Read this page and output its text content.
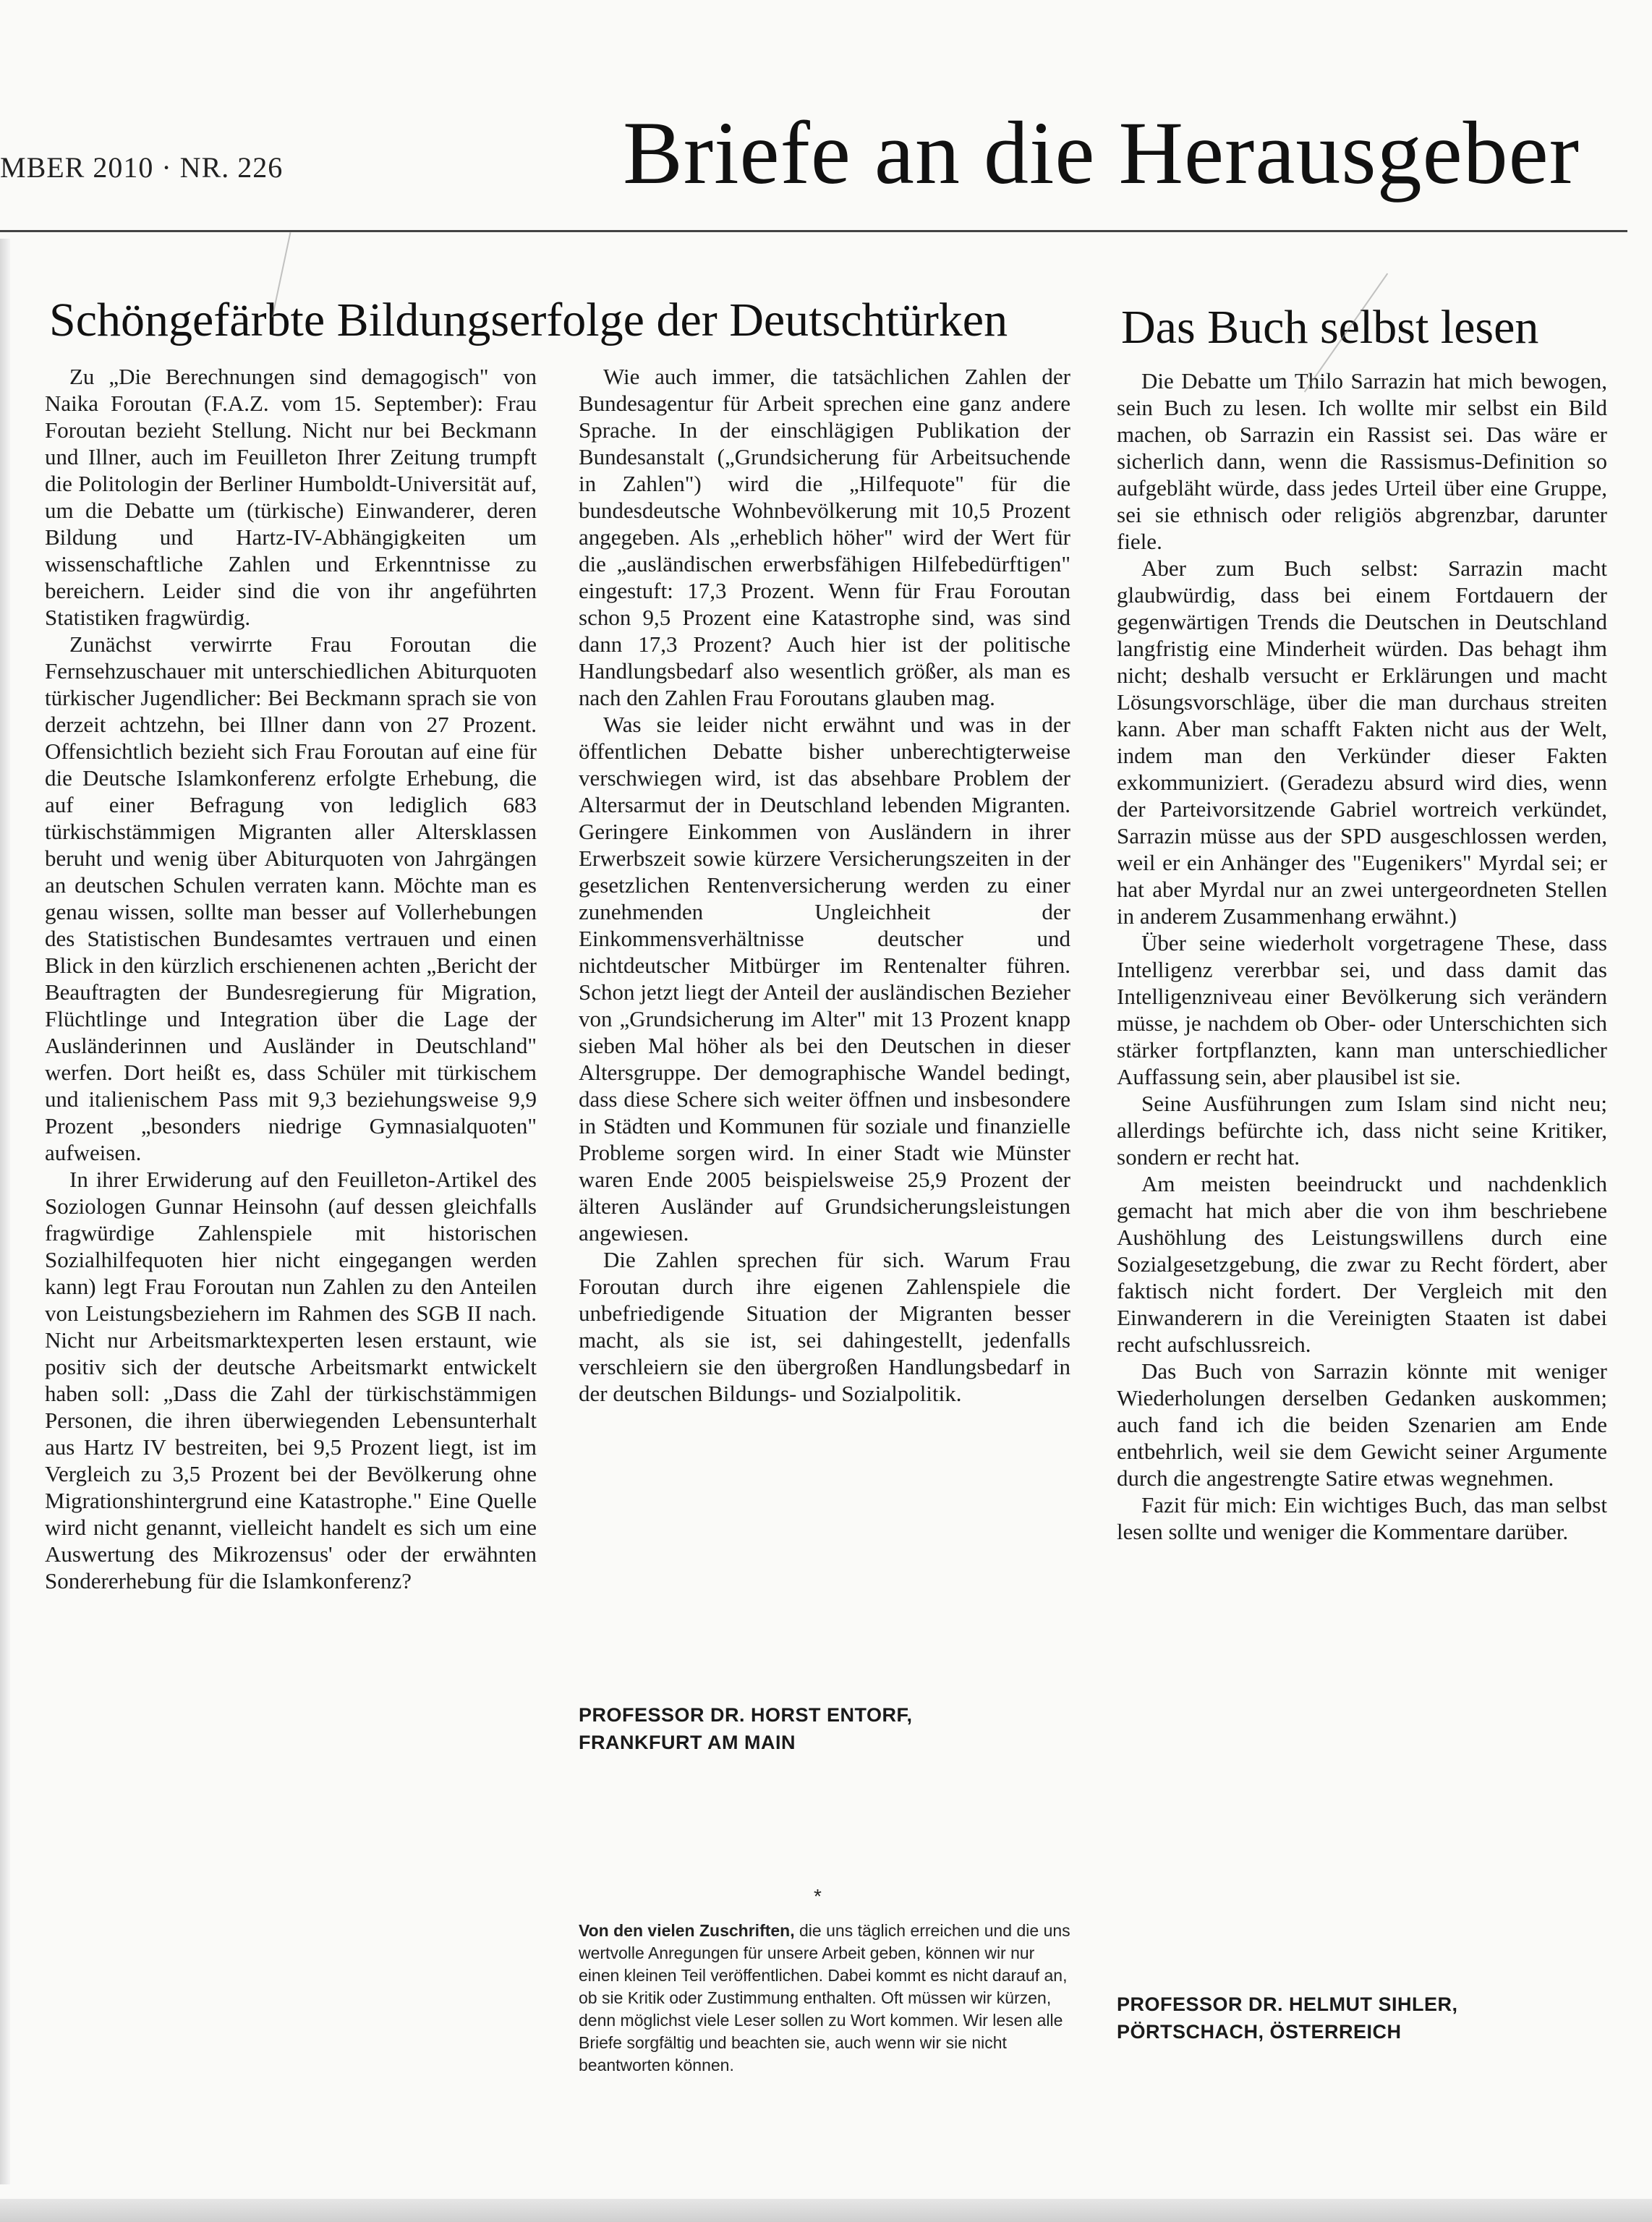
MBER 2010 · NR. 226	Briefe an die Herausgeber
Schöngefärbte Bildungserfolge der Deutschtürken Das Buch selbst lesen

Zu „Die Berechnungen sind demagogisch" von Naika Foroutan (F.A.Z. vom 15. September): Frau Foroutan bezieht Stellung. Nicht nur bei Beckmann und Illner, auch im Feuilleton Ihrer Zeitung trumpft die Politologin der Berliner Humboldt-Universität auf, um die Debatte um (türkische) Einwanderer, deren Bildung und Hartz-IV-Abhängigkeiten um wissenschaftliche Zahlen und Erkenntnisse zu bereichern. Leider sind die von ihr angeführten Statistiken fragwürdig.

Zunächst verwirrte Frau Foroutan die Fernsehzuschauer mit unterschiedlichen Abiturquoten türkischer Jugendlicher: Bei Beckmann sprach sie von derzeit achtzehn, bei Illner dann von 27 Prozent. Offensichtlich bezieht sich Frau Foroutan auf eine für die Deutsche Islamkonferenz erfolgte Erhebung, die auf einer Befragung von lediglich 683 türkischstämmigen Migranten aller Altersklassen beruht und wenig über Abiturquoten von Jahrgängen an deutschen Schulen verraten kann. Möchte man es genau wissen, sollte man besser auf Vollerhebungen des Statistischen Bundesamtes vertrauen und einen Blick in den kürzlich erschienenen achten „Bericht der Beauftragten der Bundesregierung für Migration, Flüchtlinge und Integration über die Lage der Ausländerinnen und Ausländer in Deutschland" werfen. Dort heißt es, dass Schüler mit türkischem und italienischem Pass mit 9,3 beziehungsweise 9,9 Prozent „besonders niedrige Gymnasialquoten" aufweisen.

In ihrer Erwiderung auf den Feuilleton-Artikel des Soziologen Gunnar Heinsohn (auf dessen gleichfalls fragwürdige Zahlenspiele mit historischen Sozialhilfequoten hier nicht eingegangen werden kann) legt Frau Foroutan nun Zahlen zu den Anteilen von Leistungsbeziehern im Rahmen des SGB II nach. Nicht nur Arbeitsmarktexperten lesen erstaunt, wie positiv sich der deutsche Arbeitsmarkt entwickelt haben soll: „Dass die Zahl der türkischstämmigen Personen, die ihren überwiegenden Lebensunterhalt aus Hartz IV bestreiten, bei 9,5 Prozent liegt, ist im Vergleich zu 3,5 Prozent bei der Bevölkerung ohne Migrationshintergrund eine Katastrophe." Eine Quelle wird nicht genannt, vielleicht handelt es sich um eine Auswertung des Mikrozensus' oder der erwähnten Sondererhebung für die Islamkonferenz?

Wie auch immer, die tatsächlichen Zahlen der Bundesagentur für Arbeit sprechen eine ganz andere Sprache. In der einschlägigen Publikation der Bundesanstalt („Grundsicherung für Arbeitsuchende in Zahlen") wird die „Hilfequote" für die bundesdeutsche Wohnbevölkerung mit 10,5 Prozent angegeben. Als „erheblich höher" wird der Wert für die „ausländischen erwerbsfähigen Hilfebedürftigen" eingestuft: 17,3 Prozent. Wenn für Frau Foroutan schon 9,5 Prozent eine Katastrophe sind, was sind dann 17,3 Prozent? Auch hier ist der politische Handlungsbedarf also wesentlich größer, als man es nach den Zahlen Frau Foroutans glauben mag.

Was sie leider nicht erwähnt und was in der öffentlichen Debatte bisher unberechtigterweise verschwiegen wird, ist das absehbare Problem der Altersarmut der in Deutschland lebenden Migranten. Geringere Einkommen von Ausländern in ihrer Erwerbszeit sowie kürzere Versicherungszeiten in der gesetzlichen Rentenversicherung werden zu einer zunehmenden Ungleichheit der Einkommensverhältnisse deutscher und nichtdeutscher Mitbürger im Rentenalter führen. Schon jetzt liegt der Anteil der ausländischen Bezieher von „Grundsicherung im Alter" mit 13 Prozent knapp sieben Mal höher als bei den Deutschen in dieser Altersgruppe. Der demographische Wandel bedingt, dass diese Schere sich weiter öffnen und insbesondere in Städten und Kommunen für soziale und finanzielle Probleme sorgen wird. In einer Stadt wie Münster waren Ende 2005 beispielsweise 25,9 Prozent der älteren Ausländer auf Grundsicherungsleistungen angewiesen.

Die Zahlen sprechen für sich. Warum Frau Foroutan durch ihre eigenen Zahlenspiele die unbefriedigende Situation der Migranten besser macht, als sie ist, sei dahingestellt, jedenfalls verschleiern sie den übergroßen Handlungsbedarf in der deutschen Bildungs- und Sozialpolitik.

PROFESSOR DR. HORST ENTORF,
FRANKFURT AM MAIN
*
Von den vielen Zuschriften, die uns täglich erreichen und die uns wertvolle Anregungen für unsere Arbeit geben, können wir nur einen kleinen Teil veröffentlichen. Dabei kommt es nicht darauf an, ob sie Kritik oder Zustimmung enthalten. Oft müssen wir kürzen, denn möglichst viele Leser sollen zu Wort kommen. Wir lesen alle Briefe sorgfältig und beachten sie, auch wenn wir sie nicht beantworten können.

Die Debatte um Thilo Sarrazin hat mich bewogen, sein Buch zu lesen. Ich wollte mir selbst ein Bild machen, ob Sarrazin ein Rassist sei. Das wäre er sicherlich dann, wenn die Rassismus-Definition so aufgebläht würde, dass jedes Urteil über eine Gruppe, sei sie ethnisch oder religiös abgrenzbar, darunter fiele.

Aber zum Buch selbst: Sarrazin macht glaubwürdig, dass bei einem Fortdauern der gegenwärtigen Trends die Deutschen in Deutschland langfristig eine Minderheit würden. Das behagt ihm nicht; deshalb versucht er Erklärungen und macht Lösungsvorschläge, über die man durchaus streiten kann. Aber man schafft Fakten nicht aus der Welt, indem man den Verkünder dieser Fakten exkommuniziert. (Geradezu absurd wird dies, wenn der Parteivorsitzende Gabriel wortreich verkündet, Sarrazin müsse aus der SPD ausgeschlossen werden, weil er ein Anhänger des "Eugenikers" Myrdal sei; er hat aber Myrdal nur an zwei untergeordneten Stellen in anderem Zusammenhang erwähnt.)

Über seine wiederholt vorgetragene These, dass Intelligenz vererbbar sei, und dass damit das Intelligenzniveau einer Bevölkerung sich verändern müsse, je nachdem ob Ober- oder Unterschichten sich stärker fortpflanzten, kann man unterschiedlicher Auffassung sein, aber plausibel ist sie.

Seine Ausführungen zum Islam sind nicht neu; allerdings befürchte ich, dass nicht seine Kritiker, sondern er recht hat.

Am meisten beeindruckt und nachdenklich gemacht hat mich aber die von ihm beschriebene Aushöhlung des Leistungswillens durch eine Sozialgesetzgebung, die zwar zu Recht fördert, aber faktisch nicht fordert. Der Vergleich mit den Einwanderern in die Vereinigten Staaten ist dabei recht aufschlussreich.

Das Buch von Sarrazin könnte mit weniger Wiederholungen derselben Gedanken auskommen; auch fand ich die beiden Szenarien am Ende entbehrlich, weil sie dem Gewicht seiner Argumente durch die angestrengte Satire etwas wegnehmen.

Fazit für mich: Ein wichtiges Buch, das man selbst lesen sollte und weniger die Kommentare darüber.

PROFESSOR DR. HELMUT SIHLER,
PÖRTSCHACH, ÖSTERREICH
